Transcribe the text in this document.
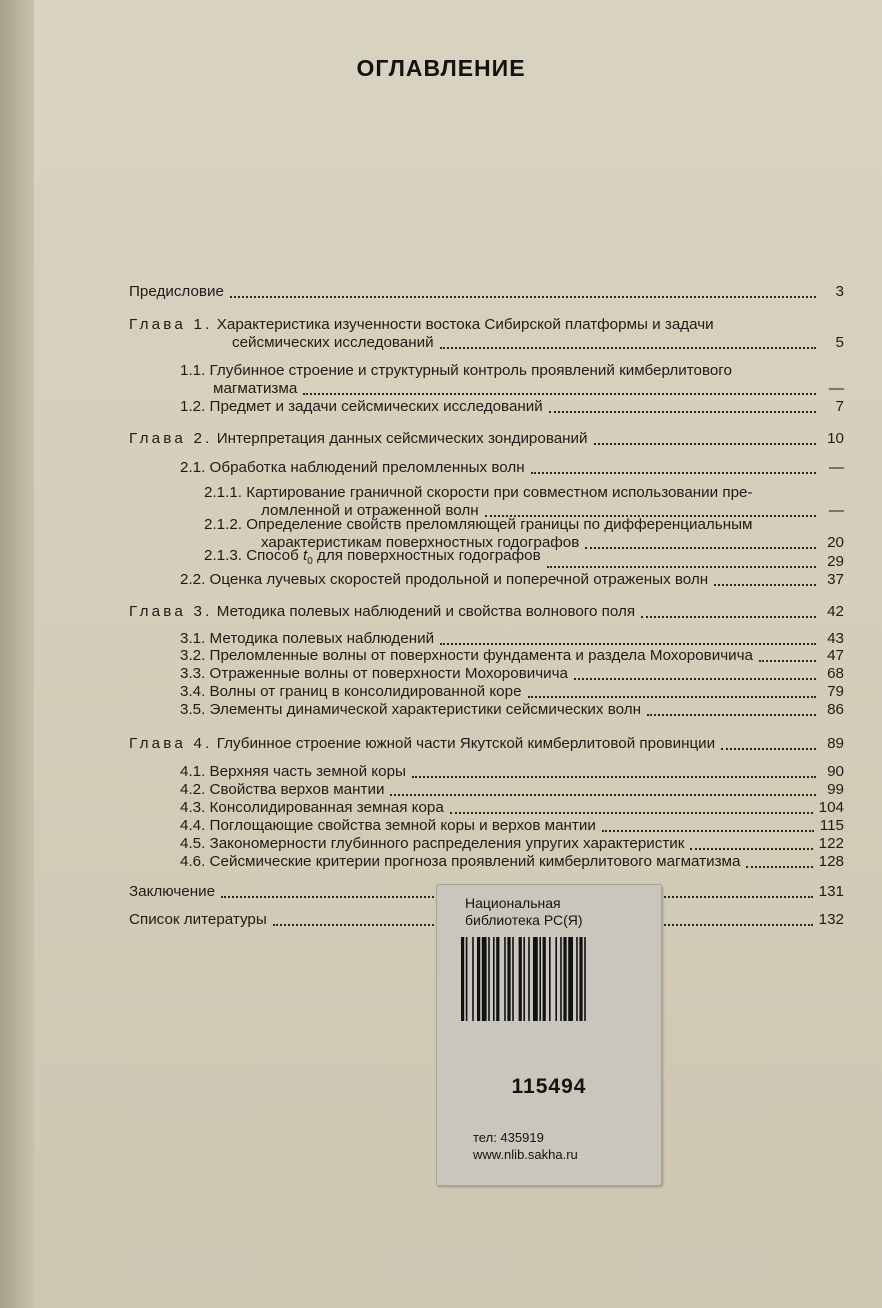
ОГЛАВЛЕНИЕ
Предисловие	3
Глава 1. Характеристика изученности востока Сибирской платформы и задачи
сейсмических исследований	5
1.1. Глубинное строение и структурный контроль проявлений кимберлитового
магматизма	—
1.2. Предмет и задачи сейсмических исследований	7
Глава 2. Интерпретация данных сейсмических зондирований	10
2.1. Обработка наблюдений преломленных волн	—
2.1.1. Картирование граничной скорости при совместном использовании пре-
ломленной и отраженной волн	—
2.1.2. Определение свойств преломляющей границы по дифференциальным
характеристикам поверхностных годографов	20
2.1.3. Способ $t_0$ для поверхностных годографов	29
2.2. Оценка лучевых скоростей продольной и поперечной отраженых волн	37
Глава 3. Методика полевых наблюдений и свойства волнового поля	42
3.1. Методика полевых наблюдений	43
3.2. Преломленные волны от поверхности фундамента и раздела Мохоровичича	47
3.3. Отраженные волны от поверхности Мохоровичича	68
3.4. Волны от границ в консолидированной коре	79
3.5. Элементы динамической характеристики сейсмических волн	86
Глава 4. Глубинное строение южной части Якутской кимберлитовой провинции	89
4.1. Верхняя часть земной коры	90
4.2. Свойства верхов мантии	99
4.3. Консолидированная земная кора	104
4.4. Поглощающие свойства земной коры и верхов мантии	115
4.5. Закономерности глубинного распределения упругих характеристик	122
4.6. Сейсмические критерии прогноза проявлений кимберлитового магматизма	128
Заключение	131
Список литературы	132
Национальная
библиотека РС(Я)
115494
тел: 435919
www.nlib.sakha.ru
